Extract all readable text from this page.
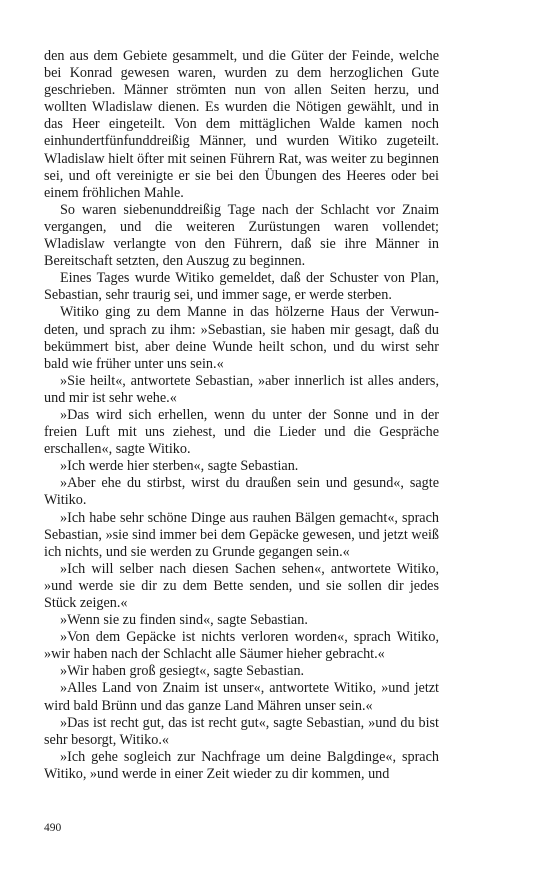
den aus dem Gebiete gesammelt, und die Güter der Feinde, welche bei Konrad gewesen waren, wurden zu dem herzoglichen Gute geschrieben. Männer strömten nun von allen Seiten herzu, und wollten Wladislaw dienen. Es wurden die Nötigen gewählt, und in das Heer eingeteilt. Von dem mittäglichen Walde kamen noch einhundertfünfunddreißig Männer, und wurden Witiko zugeteilt. Wladislaw hielt öfter mit seinen Führern Rat, was weiter zu beginnen sei, und oft vereinigte er sie bei den Übungen des Heeres oder bei einem fröhlichen Mahle.

So waren siebenunddreißig Tage nach der Schlacht vor Znaim vergangen, und die weiteren Zurüstungen waren vollendet; Wladislaw verlangte von den Führern, daß sie ihre Männer in Bereitschaft setzten, den Auszug zu beginnen.

Eines Tages wurde Witiko gemeldet, daß der Schuster von Plan, Sebastian, sehr traurig sei, und immer sage, er werde sterben.

Witiko ging zu dem Manne in das hölzerne Haus der Verwundeten, und sprach zu ihm: »Sebastian, sie haben mir gesagt, daß du bekümmert bist, aber deine Wunde heilt schon, und du wirst sehr bald wie früher unter uns sein.«

»Sie heilt«, antwortete Sebastian, »aber innerlich ist alles anders, und mir ist sehr wehe.«

»Das wird sich erhellen, wenn du unter der Sonne und in der freien Luft mit uns ziehest, und die Lieder und die Gespräche erschallen«, sagte Witiko.

»Ich werde hier sterben«, sagte Sebastian.

»Aber ehe du stirbst, wirst du draußen sein und gesund«, sagte Witiko.

»Ich habe sehr schöne Dinge aus rauhen Bälgen gemacht«, sprach Sebastian, »sie sind immer bei dem Gepäcke gewesen, und jetzt weiß ich nichts, und sie werden zu Grunde gegangen sein.«

»Ich will selber nach diesen Sachen sehen«, antwortete Witiko, »und werde sie dir zu dem Bette senden, und sie sollen dir jedes Stück zeigen.«

»Wenn sie zu finden sind«, sagte Sebastian.

»Von dem Gepäcke ist nichts verloren worden«, sprach Witiko, »wir haben nach der Schlacht alle Säumer hieher gebracht.«

»Wir haben groß gesiegt«, sagte Sebastian.

»Alles Land von Znaim ist unser«, antwortete Witiko, »und jetzt wird bald Brünn und das ganze Land Mähren unser sein.«

»Das ist recht gut, das ist recht gut«, sagte Sebastian, »und du bist sehr besorgt, Witiko.«

»Ich gehe sogleich zur Nachfrage um deine Balgdinge«, sprach Witiko, »und werde in einer Zeit wieder zu dir kommen, und

490
